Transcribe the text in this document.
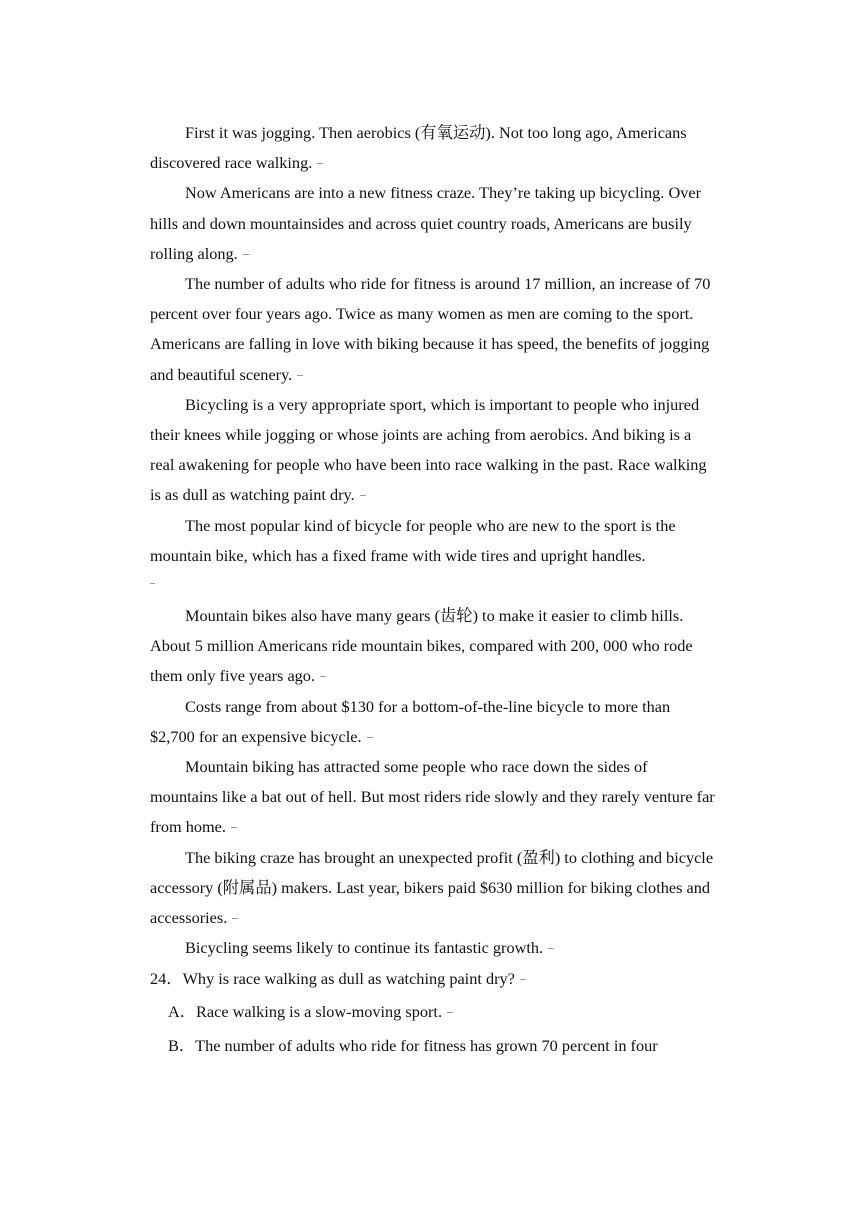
First it was jogging. Then aerobics (有氧运动). Not too long ago, Americans discovered race walking.

Now Americans are into a new fitness craze. They’re taking up bicycling. Over hills and down mountainsides and across quiet country roads, Americans are busily rolling along.

The number of adults who ride for fitness is around 17 million, an increase of 70 percent over four years ago. Twice as many women as men are coming to the sport. Americans are falling in love with biking because it has speed, the benefits of jogging and beautiful scenery.

Bicycling is a very appropriate sport, which is important to people who injured their knees while jogging or whose joints are aching from aerobics. And biking is a real awakening for people who have been into race walking in the past. Race walking is as dull as watching paint dry.

The most popular kind of bicycle for people who are new to the sport is the mountain bike, which has a fixed frame with wide tires and upright handles.

Mountain bikes also have many gears (齿轮) to make it easier to climb hills. About 5 million Americans ride mountain bikes, compared with 200, 000 who rode them only five years ago.

Costs range from about $130 for a bottom-of-the-line bicycle to more than $2,700 for an expensive bicycle.

Mountain biking has attracted some people who race down the sides of mountains like a bat out of hell. But most riders ride slowly and they rarely venture far from home.

The biking craze has brought an unexpected profit (盈利) to clothing and bicycle accessory (附属品) makers. Last year, bikers paid $630 million for biking clothes and accessories.

Bicycling seems likely to continue its fantastic growth.

24．Why is race walking as dull as watching paint dry?

A．Race walking is a slow-moving sport.

B．The number of adults who ride for fitness has grown 70 percent in four
